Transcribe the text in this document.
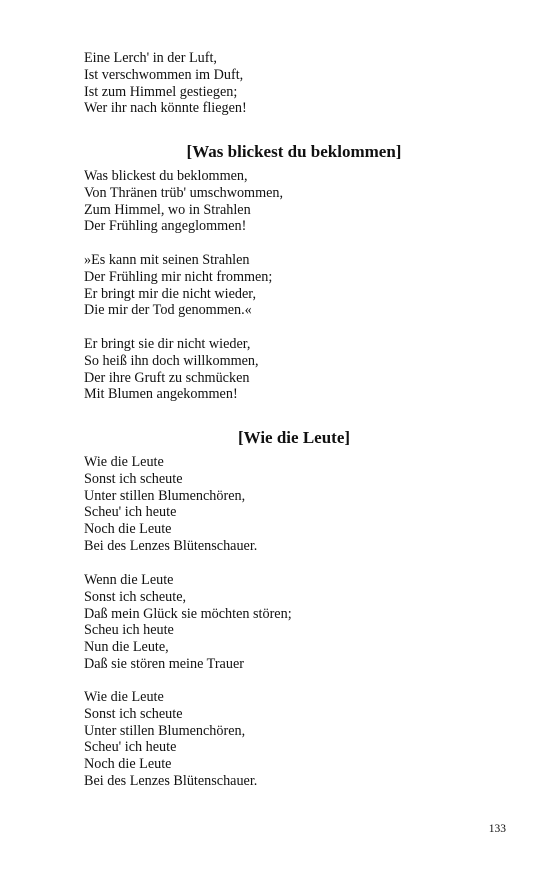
Eine Lerch' in der Luft,
Ist verschwommen im Duft,
Ist zum Himmel gestiegen;
Wer ihr nach könnte fliegen!
[Was blickest du beklommen]
Was blickest du beklommen,
Von Thränen trüb' umschwommen,
Zum Himmel, wo in Strahlen
Der Frühling angeglommen!
»Es kann mit seinen Strahlen
Der Frühling mir nicht frommen;
Er bringt mir die nicht wieder,
Die mir der Tod genommen.«
Er bringt sie dir nicht wieder,
So heiß ihn doch willkommen,
Der ihre Gruft zu schmücken
Mit Blumen angekommen!
[Wie die Leute]
Wie die Leute
Sonst ich scheute
Unter stillen Blumenchören,
Scheu' ich heute
Noch die Leute
Bei des Lenzes Blütenschauer.
Wenn die Leute
Sonst ich scheute,
Daß mein Glück sie möchten stören;
Scheu ich heute
Nun die Leute,
Daß sie stören meine Trauer
Wie die Leute
Sonst ich scheute
Unter stillen Blumenchören,
Scheu' ich heute
Noch die Leute
Bei des Lenzes Blütenschauer.
133
